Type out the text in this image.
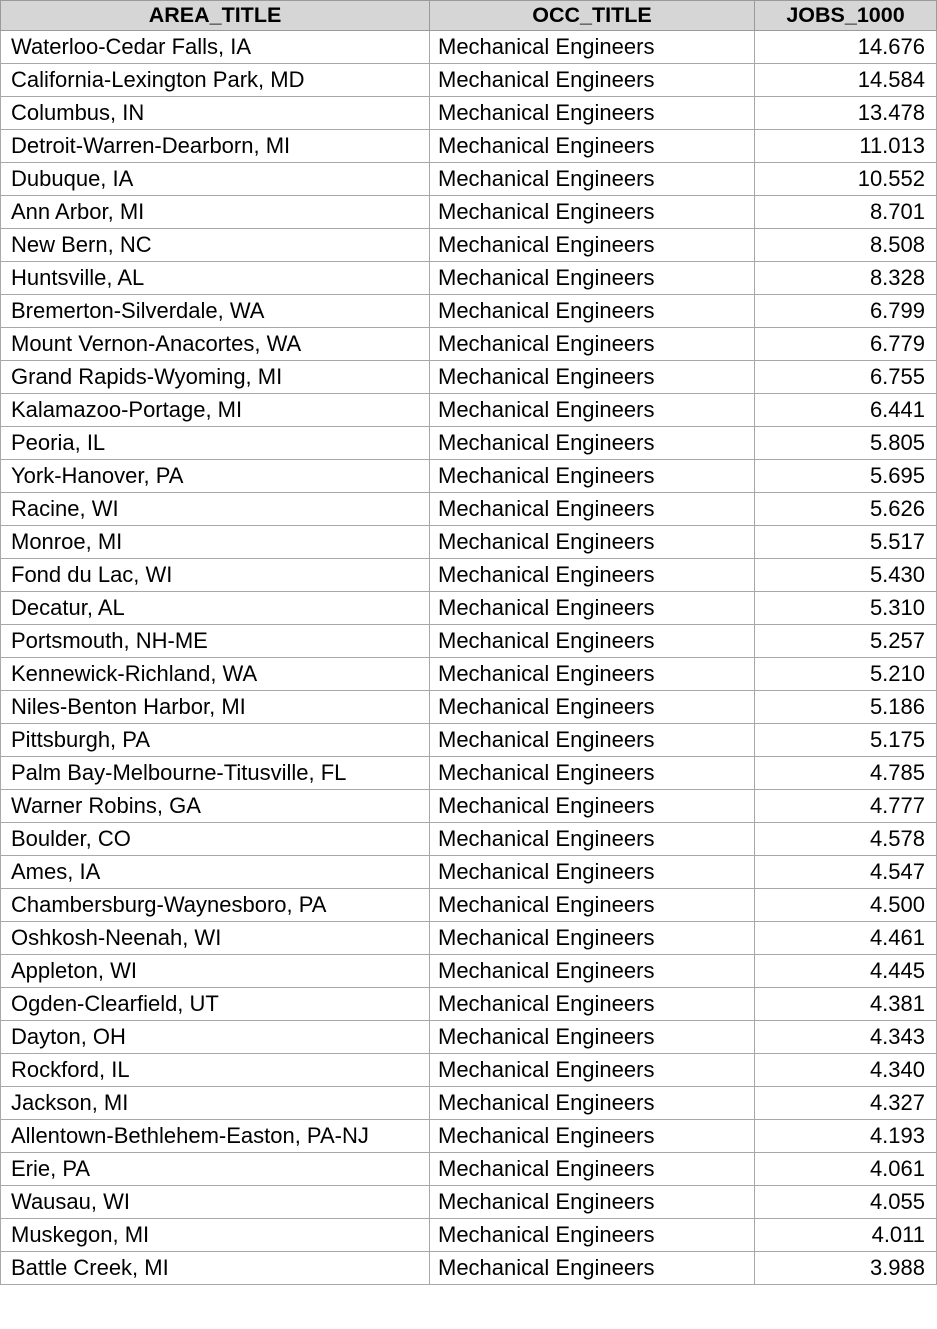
AREA_TITLE	OCC_TITLE	JOBS_1000
Waterloo-Cedar Falls, IA	Mechanical Engineers	14.676
California-Lexington Park, MD	Mechanical Engineers	14.584
Columbus, IN	Mechanical Engineers	13.478
Detroit-Warren-Dearborn, MI	Mechanical Engineers	11.013
Dubuque, IA	Mechanical Engineers	10.552
Ann Arbor, MI	Mechanical Engineers	8.701
New Bern, NC	Mechanical Engineers	8.508
Huntsville, AL	Mechanical Engineers	8.328
Bremerton-Silverdale, WA	Mechanical Engineers	6.799
Mount Vernon-Anacortes, WA	Mechanical Engineers	6.779
Grand Rapids-Wyoming, MI	Mechanical Engineers	6.755
Kalamazoo-Portage, MI	Mechanical Engineers	6.441
Peoria, IL	Mechanical Engineers	5.805
York-Hanover, PA	Mechanical Engineers	5.695
Racine, WI	Mechanical Engineers	5.626
Monroe, MI	Mechanical Engineers	5.517
Fond du Lac, WI	Mechanical Engineers	5.430
Decatur, AL	Mechanical Engineers	5.310
Portsmouth, NH-ME	Mechanical Engineers	5.257
Kennewick-Richland, WA	Mechanical Engineers	5.210
Niles-Benton Harbor, MI	Mechanical Engineers	5.186
Pittsburgh, PA	Mechanical Engineers	5.175
Palm Bay-Melbourne-Titusville, FL	Mechanical Engineers	4.785
Warner Robins, GA	Mechanical Engineers	4.777
Boulder, CO	Mechanical Engineers	4.578
Ames, IA	Mechanical Engineers	4.547
Chambersburg-Waynesboro, PA	Mechanical Engineers	4.500
Oshkosh-Neenah, WI	Mechanical Engineers	4.461
Appleton, WI	Mechanical Engineers	4.445
Ogden-Clearfield, UT	Mechanical Engineers	4.381
Dayton, OH	Mechanical Engineers	4.343
Rockford, IL	Mechanical Engineers	4.340
Jackson, MI	Mechanical Engineers	4.327
Allentown-Bethlehem-Easton, PA-NJ	Mechanical Engineers	4.193
Erie, PA	Mechanical Engineers	4.061
Wausau, WI	Mechanical Engineers	4.055
Muskegon, MI	Mechanical Engineers	4.011
Battle Creek, MI	Mechanical Engineers	3.988
